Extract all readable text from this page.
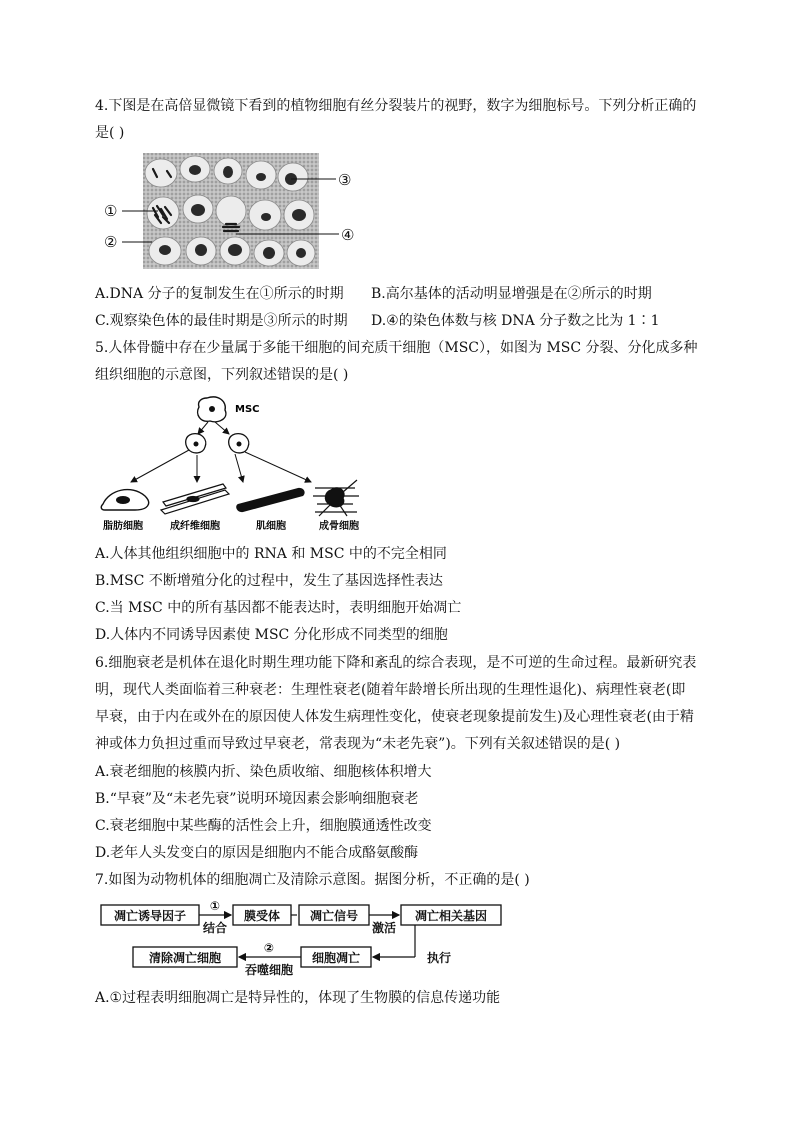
4.下图是在高倍显微镜下看到的植物细胞有丝分裂装片的视野，数字为细胞标号。下列分析正确的
是( )
①
②
③
④
A.DNA 分子的复制发生在①所示的时期 B.高尔基体的活动明显增强是在②所示的时期
C.观察染色体的最佳时期是③所示的时期 D.④的染色体数与核 DNA 分子数之比为 1∶1
5.人体骨髓中存在少量属于多能干细胞的间充质干细胞（MSC），如图为 MSC 分裂、分化成多种
组织细胞的示意图，下列叙述错误的是( )
MSC
脂肪细胞	成纤维细胞	肌细胞	成骨细胞
A.人体其他组织细胞中的 RNA 和 MSC 中的不完全相同
B.MSC 不断增殖分化的过程中，发生了基因选择性表达
C.当 MSC 中的所有基因都不能表达时，表明细胞开始凋亡
D.人体内不同诱导因素使 MSC 分化形成不同类型的细胞
6.细胞衰老是机体在退化时期生理功能下降和紊乱的综合表现，是不可逆的生命过程。最新研究表
明，现代人类面临着三种衰老：生理性衰老(随着年龄增长所出现的生理性退化)、病理性衰老(即
早衰，由于内在或外在的原因使人体发生病理性变化，使衰老现象提前发生)及心理性衰老(由于精
神或体力负担过重而导致过早衰老，常表现为“未老先衰”)。下列有关叙述错误的是( )
A.衰老细胞的核膜内折、染色质收缩、细胞核体积增大
B.“早衰”及“未老先衰”说明环境因素会影响细胞衰老
C.衰老细胞中某些酶的活性会上升，细胞膜通透性改变
D.老年人头发变白的原因是细胞内不能合成酪氨酸酶
7.如图为动物机体的细胞凋亡及清除示意图。据图分析，不正确的是( )
凋亡诱导因子	膜受体 凋亡信号	凋亡相关基因
细胞凋亡
清除凋亡细胞
①
结合	激活
执行
②
吞噬细胞
A.①过程表明细胞凋亡是特异性的，体现了生物膜的信息传递功能
